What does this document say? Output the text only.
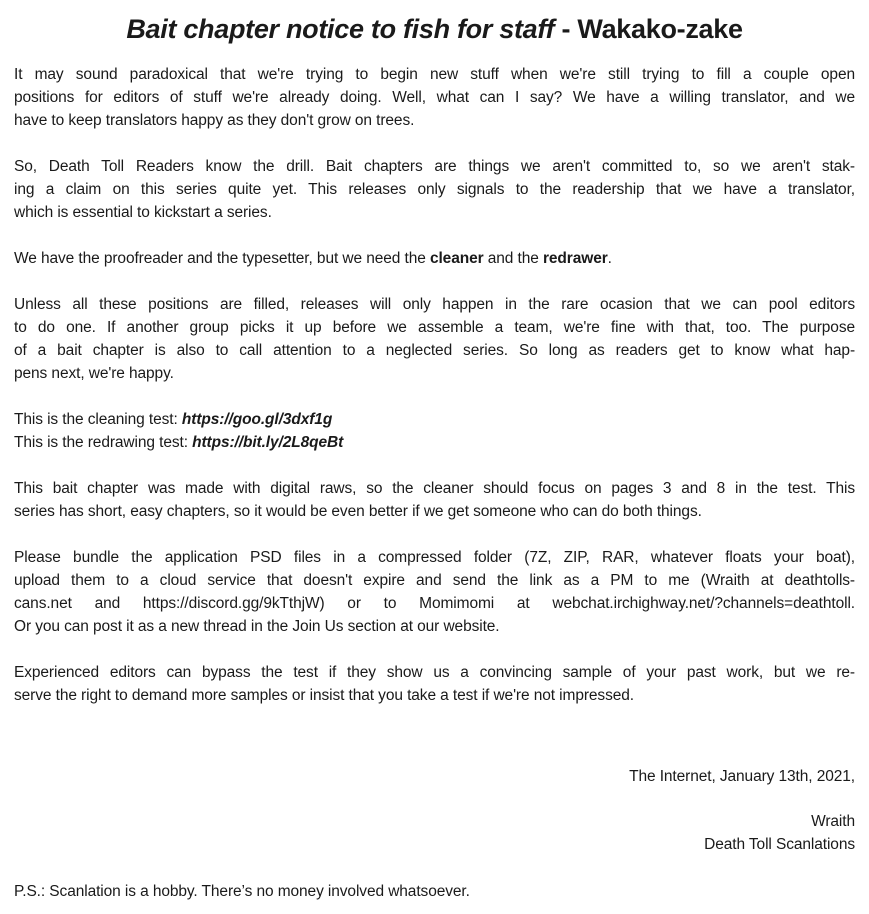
Bait chapter notice to fish for staff - Wakako-zake
It may sound paradoxical that we're trying to begin new stuff when we're still trying to fill a couple open
positions for editors of stuff we're already doing. Well, what can I say? We have a willing translator, and we
have to keep translators happy as they don't grow on trees.
So, Death Toll Readers know the drill. Bait chapters are things we aren't committed to, so we aren't stak-
ing a claim on this series quite yet. This releases only signals to the readership that we have a translator,
which is essential to kickstart a series.
We have the proofreader and the typesetter, but we need the cleaner and the redrawer.
Unless all these positions are filled, releases will only happen in the rare ocasion that we can pool editors
to do one. If another group picks it up before we assemble a team, we're fine with that, too. The purpose
of a bait chapter is also to call attention to a neglected series. So long as readers get to know what hap-
pens next, we're happy.
This is the cleaning test: https://goo.gl/3dxf1g
This is the redrawing test: https://bit.ly/2L8qeBt
This bait chapter was made with digital raws, so the cleaner should focus on pages 3 and 8 in the test. This
series has short, easy chapters, so it would be even better if we get someone who can do both things.
Please bundle the application PSD files in a compressed folder (7Z, ZIP, RAR, whatever floats your boat),
upload them to a cloud service that doesn't expire and send the link as a PM to me (Wraith at deathtolls-
cans.net and https://discord.gg/9kTthjW) or to Momimomi at webchat.irchighway.net/?channels=deathtoll.
Or you can post it as a new thread in the Join Us section at our website.
Experienced editors can bypass the test if they show us a convincing sample of your past work, but we re-
serve the right to demand more samples or insist that you take a test if we're not impressed.
The Internet, January 13th, 2021,
Wraith
Death Toll Scanlations
P.S.: Scanlation is a hobby. There’s no money involved whatsoever.
